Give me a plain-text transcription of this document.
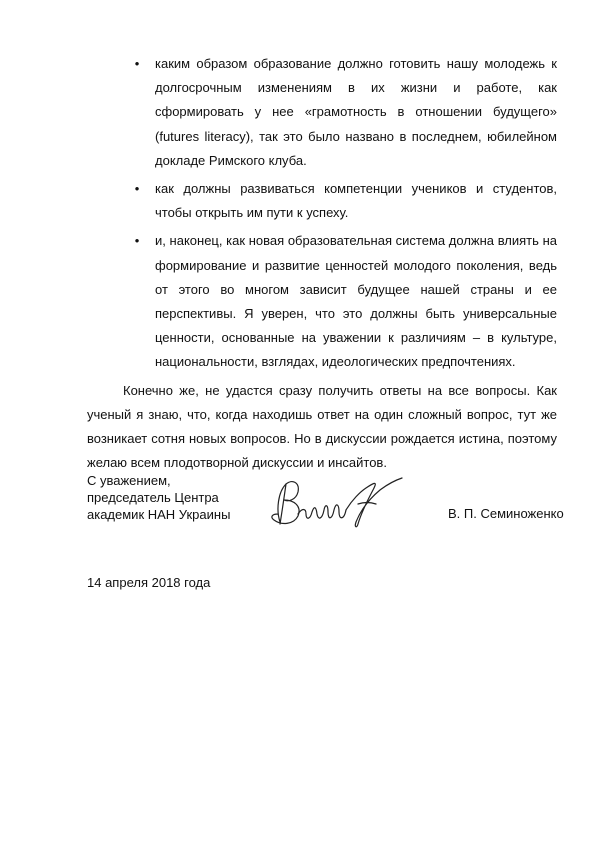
•	каким образом образование должно готовить нашу молодежь к долгосрочным изменениям в их жизни и работе, как сформировать у нее «грамотность в отношении будущего» (futures literacy), так это было названо в последнем, юбилейном докладе Римского клуба.
•	как должны развиваться компетенции учеников и студентов, чтобы открыть им пути к успеху.
•	и, наконец, как новая образовательная система должна влиять на формирование и развитие ценностей молодого поколения, ведь от этого во многом зависит будущее нашей страны и ее перспективы. Я уверен, что это должны быть универсальные ценности, основанные на уважении к различиям – в культуре, национальности, взглядах, идеологических предпочтениях.

Конечно же, не удастся сразу получить ответы на все вопросы. Как ученый я знаю, что, когда находишь ответ на один сложный вопрос, тут же возникает сотня новых вопросов. Но в дискуссии рождается истина, поэтому желаю всем плодотворной дискуссии и инсайтов.

С уважением,
председатель Центра
академик НАН Украины	В. П. Семиноженко
14 апреля 2018 года
